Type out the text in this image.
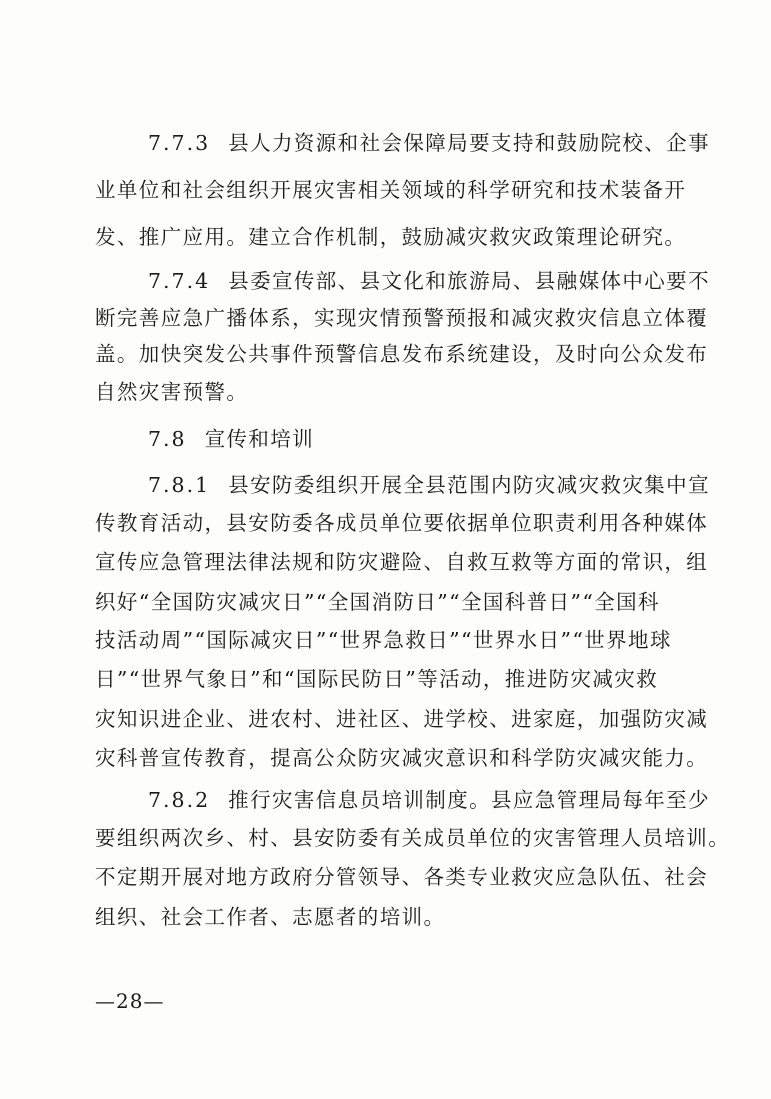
7.7.3 县人力资源和社会保障局要支持和鼓励院校、企事
业单位和社会组织开展灾害相关领域的科学研究和技术装备开
发、推广应用。建立合作机制，鼓励减灾救灾政策理论研究。
7.7.4 县委宣传部、县文化和旅游局、县融媒体中心要不
断完善应急广播体系，实现灾情预警预报和减灾救灾信息立体覆
盖。加快突发公共事件预警信息发布系统建设，及时向公众发布
自然灾害预警。
7.8 宣传和培训
7.8.1 县安防委组织开展全县范围内防灾减灾救灾集中宣
传教育活动，县安防委各成员单位要依据单位职责利用各种媒体
宣传应急管理法律法规和防灾避险、自救互救等方面的常识，组
织好“全国防灾减灾日”“全国消防日”“全国科普日”“全国科
技活动周”“国际减灾日”“世界急救日”“世界水日”“世界地球
日”“世界气象日”和“国际民防日”等活动，推进防灾减灾救
灾知识进企业、进农村、进社区、进学校、进家庭，加强防灾减
灾科普宣传教育，提高公众防灾减灾意识和科学防灾减灾能力。
7.8.2 推行灾害信息员培训制度。县应急管理局每年至少
要组织两次乡、村、县安防委有关成员单位的灾害管理人员培训。
不定期开展对地方政府分管领导、各类专业救灾应急队伍、社会
组织、社会工作者、志愿者的培训。
—28—
